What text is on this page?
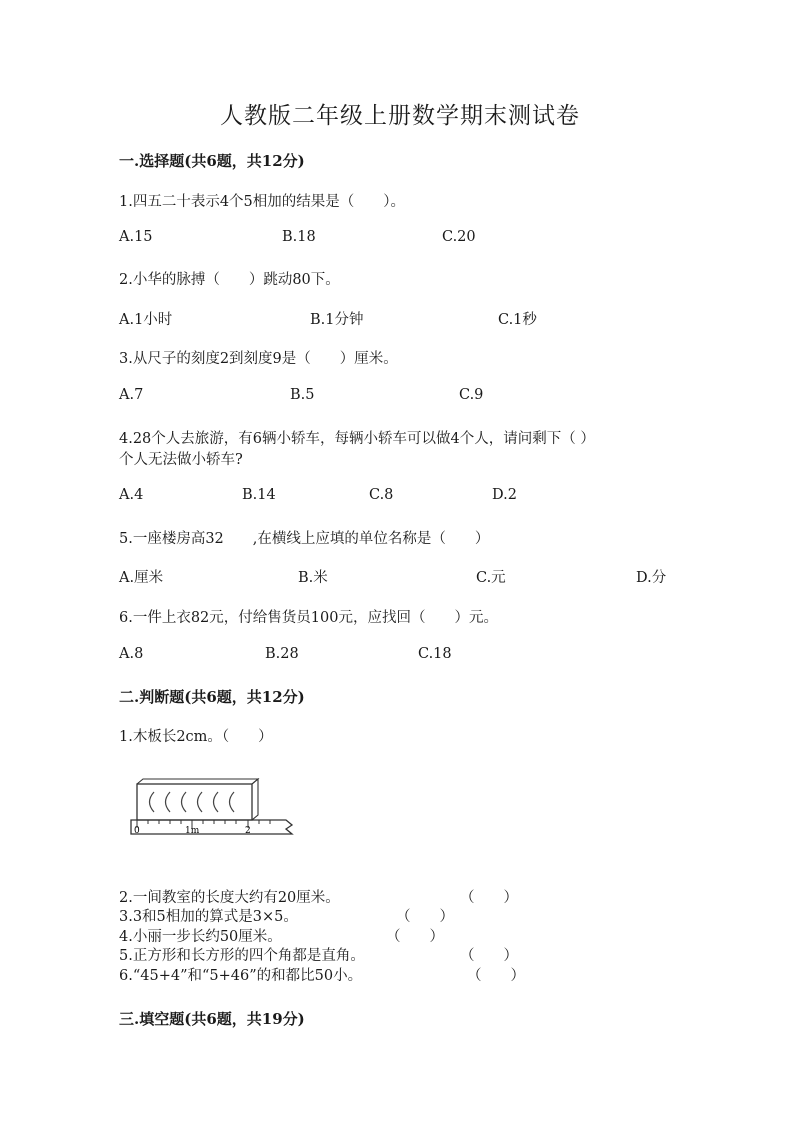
人教版二年级上册数学期末测试卷
一.选择题(共6题，共12分)
1.四五二十表示4个5相加的结果是（　　）。
A.15	B.18	C.20
2.小华的脉搏（　　）跳动80下。
A.1小时	B.1分钟	C.1秒
3.从尺子的刻度2到刻度9是（　　）厘米。
A.7	B.5	C.9
4.28个人去旅游，有6辆小轿车，每辆小轿车可以做4个人，请问剩下（ ）
个人无法做小轿车?
A.4	B.14	C.8	D.2
5.一座楼房高32　　,在横线上应填的单位名称是（　　）
A.厘米	B.米	C.元	D.分
6.一件上衣82元，付给售货员100元，应找回（　　）元。
A.8	B.28	C.18
二.判断题(共6题，共12分)
1.木板长2cm。（　　）
0	1m	2
2.一间教室的长度大约有20厘米。	（　　）
3.3和5相加的算式是3×5。	（　　）
4.小丽一步长约50厘米。	（　　）
5.正方形和长方形的四个角都是直角。	（　　）
6.“45+4”和“5+46”的和都比50小。	（　　）
三.填空题(共6题，共19分)
